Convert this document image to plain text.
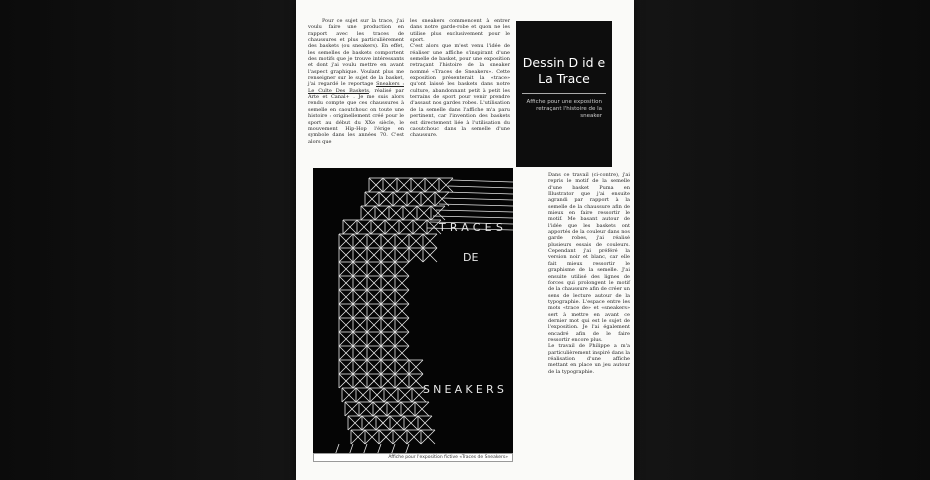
Pour ce sujet sur la trace, j'ai voulu faire une production en rapport avec les traces de chaussures et plus particulièrement des baskets (ou sneakers). En effet, les semelles de baskets comportent des motifs que je trouve intéressants et dont j'ai voulu mettre en avant l'aspect graphique. Voulant plus me renseigner sur le sujet de la basket, j'ai regardé le reportage Sneakers : Le Culte Des Baskets, réalisé par Arte et Canal+ . Je me suis alors rendu compte que ces chaussures à semelle en caoutchouc on toute une histoire : originellement créé pour le sport au début du XXe siècle, le mouvement Hip-Hop l'érige en symbole dans les années 70. C'est alors que

les sneakers commencent à entrer dans notre garde-robe et quon ne les utilise plus exclusivement pour le sport.

C'est alors que m'est venu l'idée de réaliser une affiche s'inspirant d'une semelle de basket, pour une exposition retraçant l'histoire de la sneaker nommé «Traces de Sneakers». Cette exposition présenterait la «trace» qu'ont laissé les baskets dans notre culture, abandonnant petit à petit les terrains de sport pour venir prendre d'assaut nos gardes robes. L'utilisation de la semelle dans l'affiche m'a paru pertinent, car l'invention des baskets est directement liée à l'utilisation du caoutchouc dans la semelle d'une chaussure.

Dessin D id e
La Trace
Affiche pour une exposition retraçant l'histoire de la sneaker
TRACES
DE
SNEAKERS
Affiche pour l'exposition fictive «Traces de Sneakers»

Dans ce travail (ci-contre), j'ai repris le motif de la semelle d'une basket Puma en Illustrator que j'ai ensuite agrandi par rapport à la semelle de la chaussure afin de mieux en faire ressortir le motif. Me basant autour de l'idée que les baskets ont apportés de la couleur dans nos garde robes, j'ai réalisé plusieurs essais de couleurs. Cependant j'ai préféré la version noir et blanc, car elle fait mieux ressortir le graphisme de la semelle. J'ai ensuite utilisé des lignes de forces qui prolongent le motif de la chaussure afin de créer un sens de lecture autour de la typographie. L'espace entre les mots «trace de» et «sneakers» sert à mettre en avant ce dernier mot qui est le sujet de l'exposition. Je l'ai également encadré afin de le faire ressortir encore plus.

Le travail de Philippe a m'a particulièrement inspiré dans la réalisation d'une affiche mettant en place un jeu autour de la typographie.
